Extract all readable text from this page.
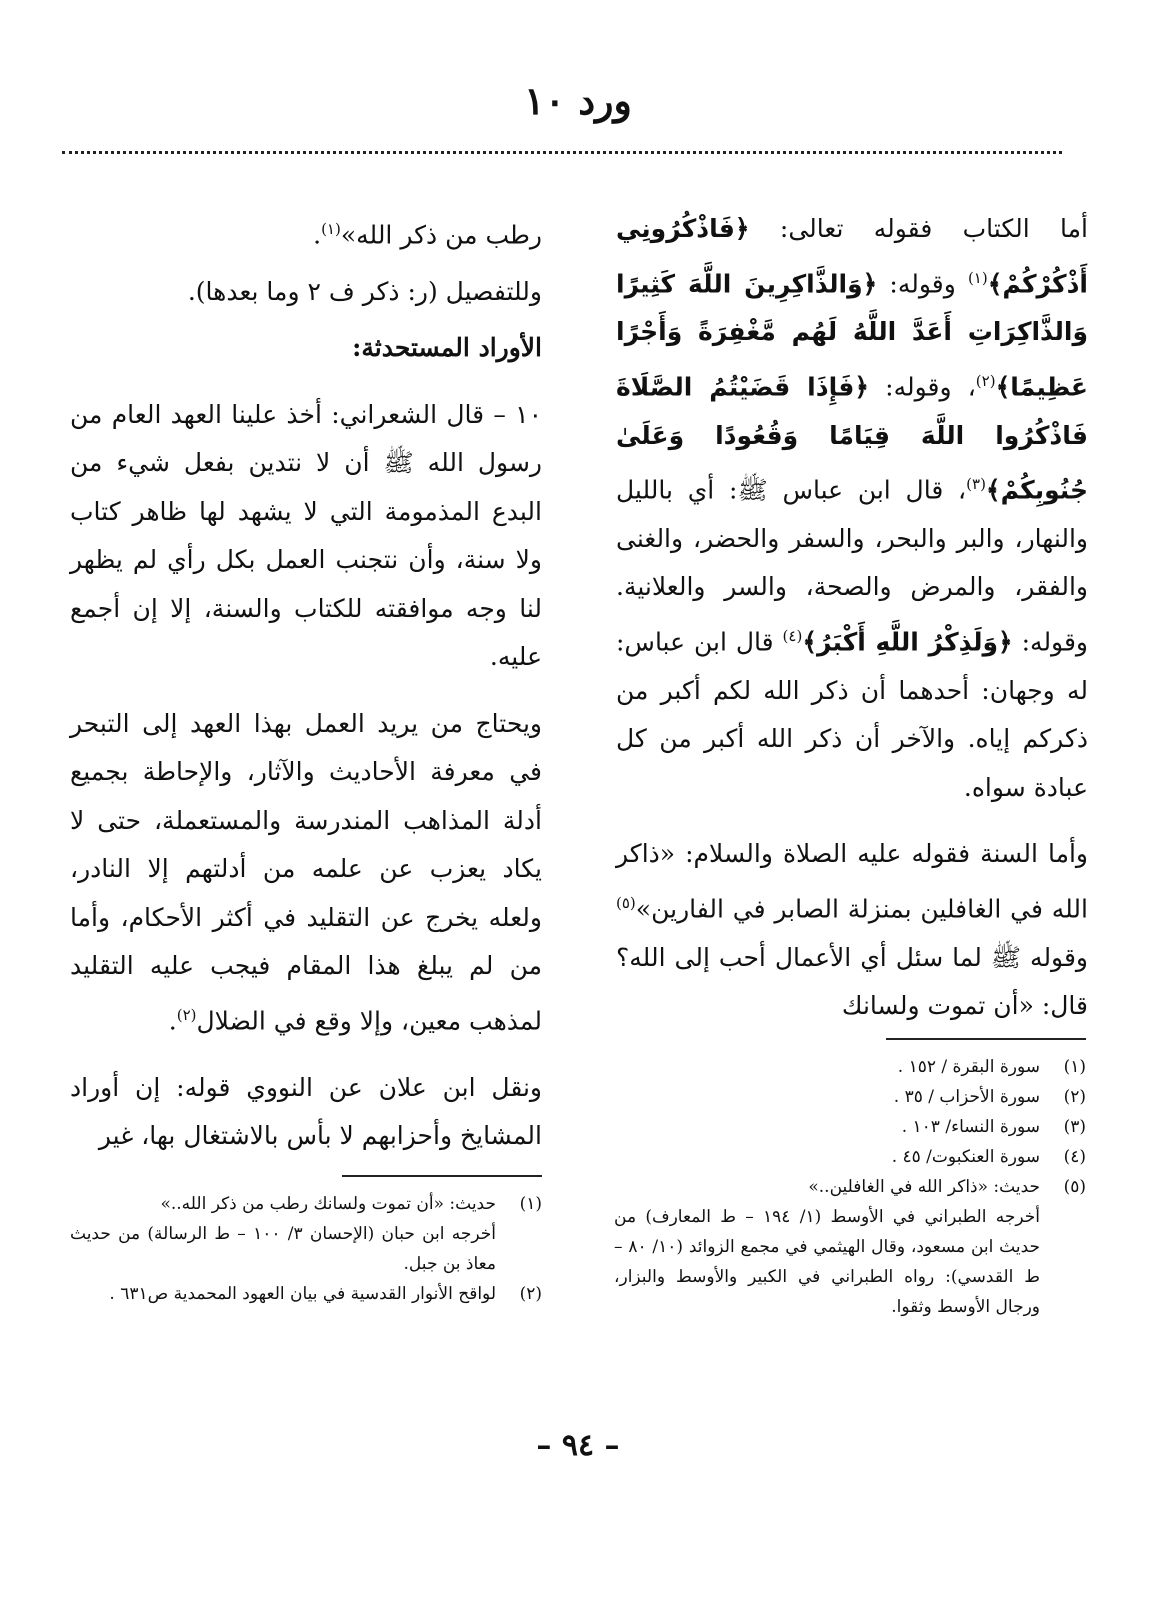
ورد ١٠

أما الكتاب فقوله تعالى: ﴿فَاذْكُرُونِي أَذْكُرْكُمْ﴾$^{(١)}$ وقوله: ﴿وَالذَّاكِرِينَ اللَّهَ كَثِيرًا وَالذَّاكِرَاتِ أَعَدَّ اللَّهُ لَهُم مَّغْفِرَةً وَأَجْرًا عَظِيمًا﴾$^{(٢)}$، وقوله: ﴿فَإِذَا قَضَيْتُمُ الصَّلَاةَ فَاذْكُرُوا اللَّهَ قِيَامًا وَقُعُودًا وَعَلَىٰ جُنُوبِكُمْ﴾$^{(٣)}$، قال ابن عباس ﷺ: أي بالليل والنهار، والبر والبحر، والسفر والحضر، والغنى والفقر، والمرض والصحة، والسر والعلانية. وقوله: ﴿وَلَذِكْرُ اللَّهِ أَكْبَرُ﴾$^{(٤)}$ قال ابن عباس: له وجهان: أحدهما أن ذكر الله لكم أكبر من ذكركم إياه. والآخر أن ذكر الله أكبر من كل عبادة سواه.

وأما السنة فقوله عليه الصلاة والسلام: «ذاكر الله في الغافلين بمنزلة الصابر في الفارين»$^{(٥)}$ وقوله ﷺ لما سئل أي الأعمال أحب إلى الله؟ قال: «أن تموت ولسانك

رطب من ذكر الله»$^{(١)}$.

وللتفصيل (ر: ذكر ف ٢ وما بعدها).

الأوراد المستحدثة:

١٠ – قال الشعراني: أخذ علينا العهد العام من رسول الله ﷺ أن لا نتدين بفعل شيء من البدع المذمومة التي لا يشهد لها ظاهر كتاب ولا سنة، وأن نتجنب العمل بكل رأي لم يظهر لنا وجه موافقته للكتاب والسنة، إلا إن أجمع عليه.

ويحتاج من يريد العمل بهذا العهد إلى التبحر في معرفة الأحاديث والآثار، والإحاطة بجميع أدلة المذاهب المندرسة والمستعملة، حتى لا يكاد يعزب عن علمه من أدلتهم إلا النادر، ولعله يخرج عن التقليد في أكثر الأحكام، وأما من لم يبلغ هذا المقام فيجب عليه التقليد لمذهب معين، وإلا وقع في الضلال$^{(٢)}$.

ونقل ابن علان عن النووي قوله: إن أوراد المشايخ وأحزابهم لا بأس بالاشتغال بها، غير

(١)
سورة البقرة / ١٥٢ .

(٢)
سورة الأحزاب / ٣٥ .

(٣)
سورة النساء/ ١٠٣ .

(٤)
سورة العنكبوت/ ٤٥ .

(٥)
حديث: «ذاكر الله في الغافلين..»

أخرجه الطبراني في الأوسط (١/ ١٩٤ – ط المعارف) من حديث ابن مسعود، وقال الهيثمي في مجمع الزوائد (١٠/ ٨٠ – ط القدسي): رواه الطبراني في الكبير والأوسط والبزار، ورجال الأوسط وثقوا.

(١)
حديث: «أن تموت ولسانك رطب من ذكر الله..»

أخرجه ابن حبان (الإحسان ٣/ ١٠٠ – ط الرسالة) من حديث معاذ بن جبل.

(٢)
لواقح الأنوار القدسية في بيان العهود المحمدية ص٦٣١ .

– ٩٤ –
